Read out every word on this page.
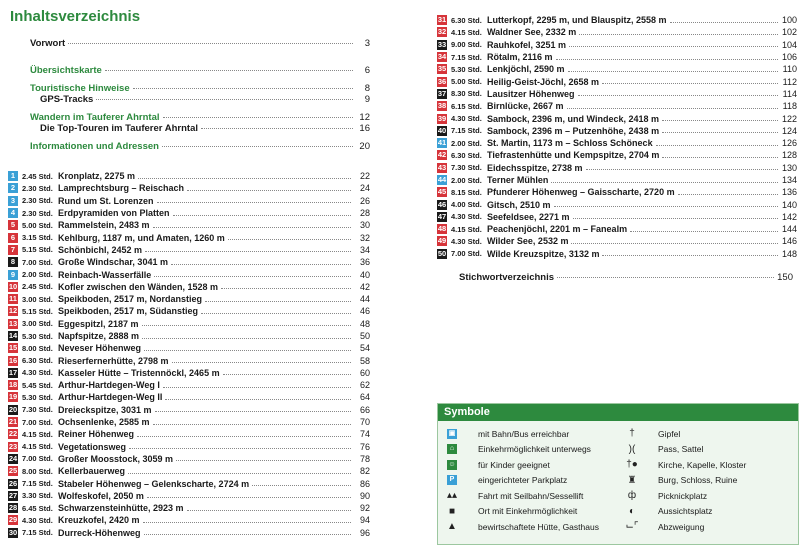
Inhaltsverzeichnis
Vorwort	3
Übersichtskarte	6
Touristische Hinweise	8
GPS-Tracks	9
Wandern im Tauferer Ahrntal	12
Die Top-Touren im Tauferer Ahrntal	16
Informationen und Adressen	20
1 2.45 Std. Kronplatz, 2275 m	22
2 2.30 Std. Lamprechtsburg – Reischach	24
3 2.30 Std. Rund um St. Lorenzen	26
4 2.30 Std. Erdpyramiden von Platten	28
5 5.00 Std. Rammelstein, 2483 m	30
6 3.15 Std. Kehlburg, 1187 m, und Amaten, 1260 m	32
7 5.15 Std. Schönbichl, 2452 m	34
8 7.00 Std. Große Windschar, 3041 m	36
9 2.00 Std. Reinbach-Wasserfälle	40
10 2.45 Std. Kofler zwischen den Wänden, 1528 m	42
11 3.00 Std. Speikboden, 2517 m, Nordanstieg	44
12 5.15 Std. Speikboden, 2517 m, Südanstieg	46
13 3.00 Std. Eggespitzl, 2187 m	48
14 5.30 Std. Napfspitze, 2888 m	50
15 8.00 Std. Neveser Höhenweg	54
16 6.30 Std. Rieserfernerhütte, 2798 m	58
17 4.30 Std. Kasseler Hütte – Tristennöckl, 2465 m	60
18 5.45 Std. Arthur-Hartdegen-Weg I	62
19 5.30 Std. Arthur-Hartdegen-Weg II	64
20 7.30 Std. Dreieckspitze, 3031 m	66
21 7.00 Std. Ochsenlenke, 2585 m	70
22 4.15 Std. Reiner Höhenweg	74
23 4.15 Std. Vegetationsweg	76
24 7.00 Std. Großer Moosstock, 3059 m	78
25 8.00 Std. Kellerbauerweg	82
26 7.15 Std. Stabeler Höhenweg – Gelenkscharte, 2724 m	86
27 3.30 Std. Wolfeskofel, 2050 m	90
28 6.45 Std. Schwarzensteinhütte, 2923 m	92
29 4.30 Std. Kreuzkofel, 2420 m	94
30 7.15 Std. Durreck-Höhenweg	96
31 6.30 Std. Lutterkopf, 2295 m, und Blauspitz, 2558 m	100
32 4.15 Std. Waldner See, 2332 m	102
33 9.00 Std. Rauhkofel, 3251 m	104
34 7.15 Std. Rötalm, 2116 m	106
35 5.30 Std. Lenkjöchl, 2590 m	110
36 5.00 Std. Heilig-Geist-Jöchl, 2658 m	112
37 8.30 Std. Lausitzer Höhenweg	114
38 6.15 Std. Birnlücke, 2667 m	118
39 4.30 Std. Sambock, 2396 m, und Windeck, 2418 m	122
40 7.15 Std. Sambock, 2396 m – Putzenhöhe, 2438 m	124
41 2.00 Std. St. Martin, 1173 m – Schloss Schöneck	126
42 6.30 Std. Tiefrastenhütte und Kempspitze, 2704 m	128
43 7.30 Std. Eidechsspitze, 2738 m	130
44 2.00 Std. Terner Mühlen	134
45 8.15 Std. Pfunderer Höhenweg – Gaisscharte, 2720 m	136
46 4.00 Std. Gitsch, 2510 m	140
47 4.30 Std. Seefeldsee, 2271 m	142
48 4.15 Std. Peachenjöchl, 2201 m – Fanealm	144
49 4.30 Std. Wilder See, 2532 m	146
50 7.00 Std. Wilde Kreuzspitze, 3132 m	148
Stichwortverzeichnis	150
Symbole
▣	mit Bahn/Bus erreichbar
⌂	Einkehrmöglichkeit unterwegs
☺	für Kinder geeignet
P	eingerichteter Parkplatz
▴▴ Fahrt mit Seilbahn/Sessellift
■	Ort mit Einkehrmöglichkeit
▲ bewirtschaftete Hütte, Gasthaus
†	Gipfel
)(	Pass, Sattel
†● Kirche, Kapelle, Kloster
♜	Burg, Schloss, Ruine
ф	Picknickplatz
◐	Aussichtsplatz
⌙⌜ Abzweigung
